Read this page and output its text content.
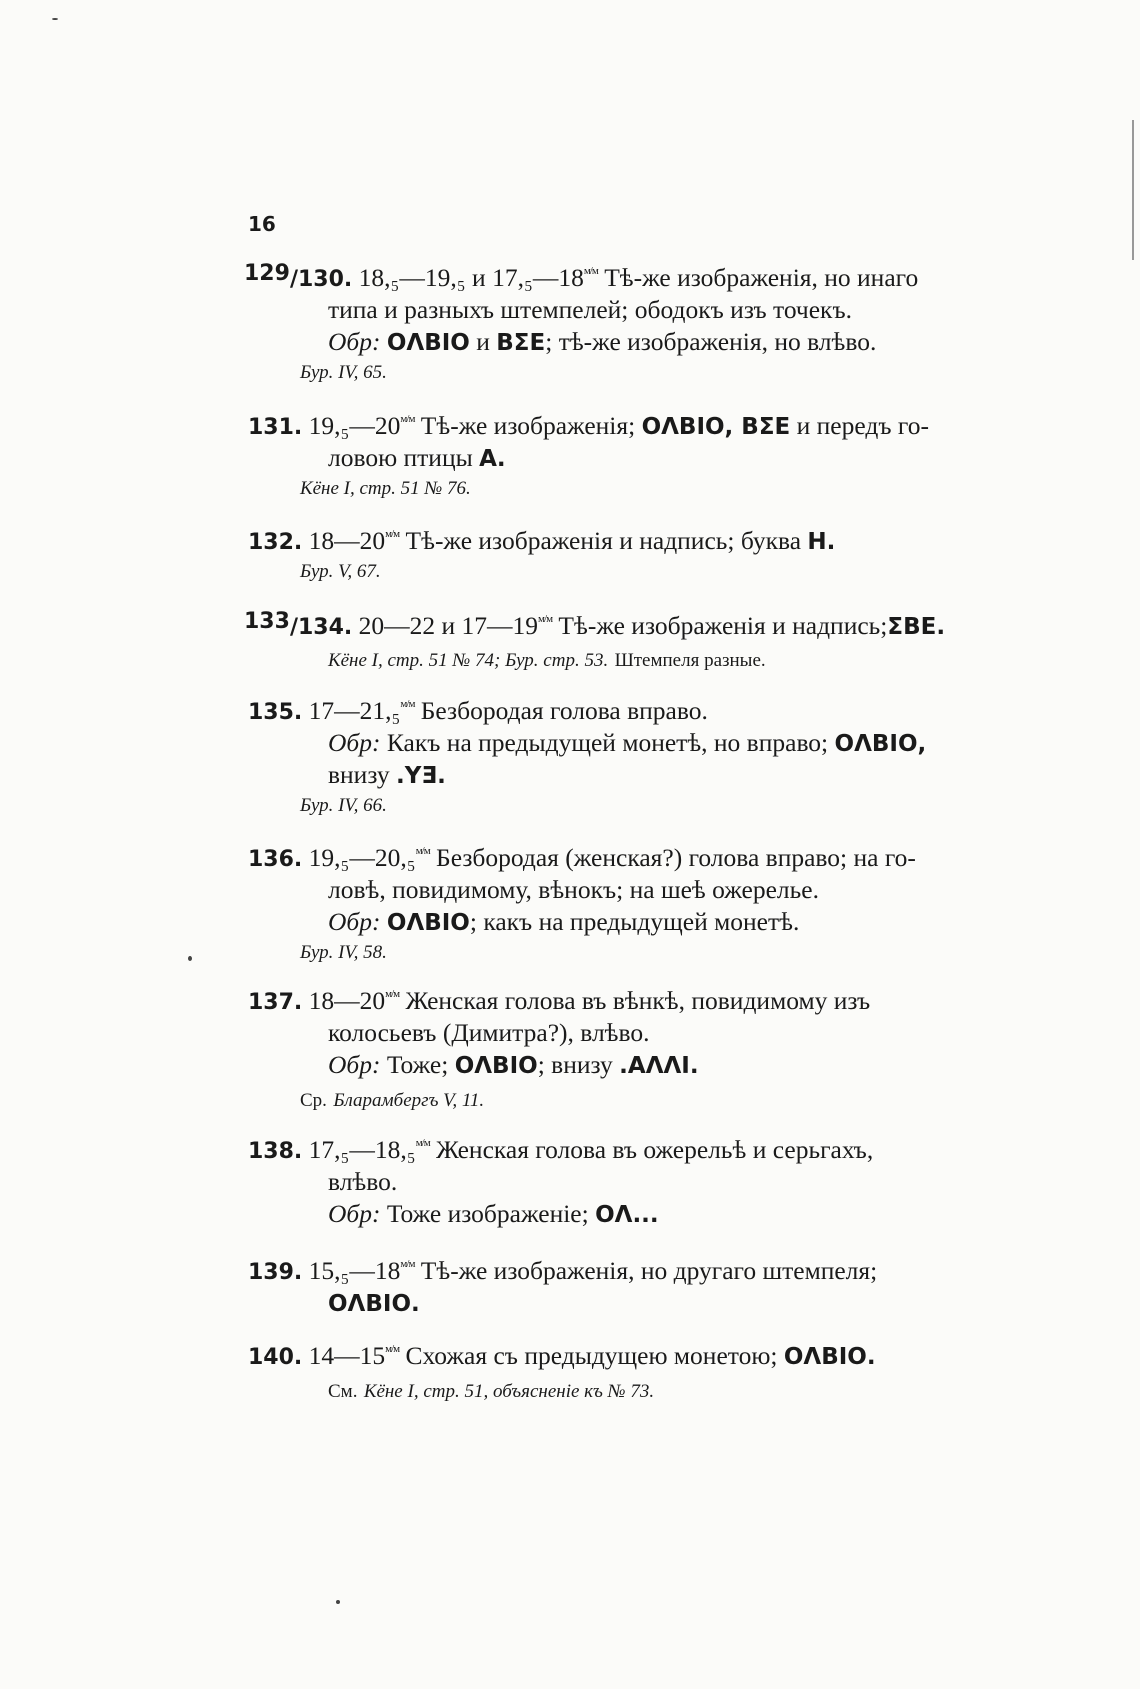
16
129/130. 18,₅—19,₅ и $17,_5—18^{м/м}$ Тѣ-же изображенія, но инаго
типа и разныхъ штемпелей; ободокъ изъ точекъ.
Обр: ОΛВІО и ΒΣΕ; тѣ-же изображенія, но влѣво.
Бур. IV, 65.
131. $19,_5—20^{м/м}$ Тѣ-же изображенія; ОΛВІО, ΒΣΕ и передъ го-
ловою птицы А.
Кёне I, стр. 51 № 76.
132. $18—20^{м/м}$ Тѣ-же изображенія и надпись; буква Н.
Бур. V, 67.
133/134. 20—22 и $17—19^{м/м}$ Тѣ-же изображенія и надпись;ΣΒΕ.
Кёне I, стр. 51 № 74; Бур. стр. 53. Штемпеля разные.
135. 17—21,₅$^{м/м}$ Безбородая голова вправо.
Обр: Какъ на предыдущей монетѣ, но вправо; ОΛВІО,
внизу .ΥƎ.
Бур. IV, 66.
136. 19,₅—20,₅$^{м/м}$ Безбородая (женская?) голова вправо; на го-
ловѣ, повидимому, вѣнокъ; на шеѣ ожерелье.
Обр: ОΛВІО; какъ на предыдущей монетѣ.
Бур. IV, 58.
137. $18—20^{м/м}$ Женская голова въ вѣнкѣ, повидимому изъ
колосьевъ (Димитра?), влѣво.
Обр: Тоже; ОΛВІО; внизу .ΑΛΛΙ.
Ср. Бларамбергъ V, 11.
138. 17,₅—18,₅$^{м/м}$ Женская голова въ ожерельѣ и серьгахъ,
влѣво.
Обр: Тоже изображеніе; ОΛ...
139. $15,_5—18^{м/м}$ Тѣ-же изображенія, но другаго штемпеля;
ОΛВІО.
140. $14—15^{м/м}$ Схожая съ предыдущею монетою; ОΛВІО.
См. Кёне I, стр. 51, объясненіе къ № 73.
